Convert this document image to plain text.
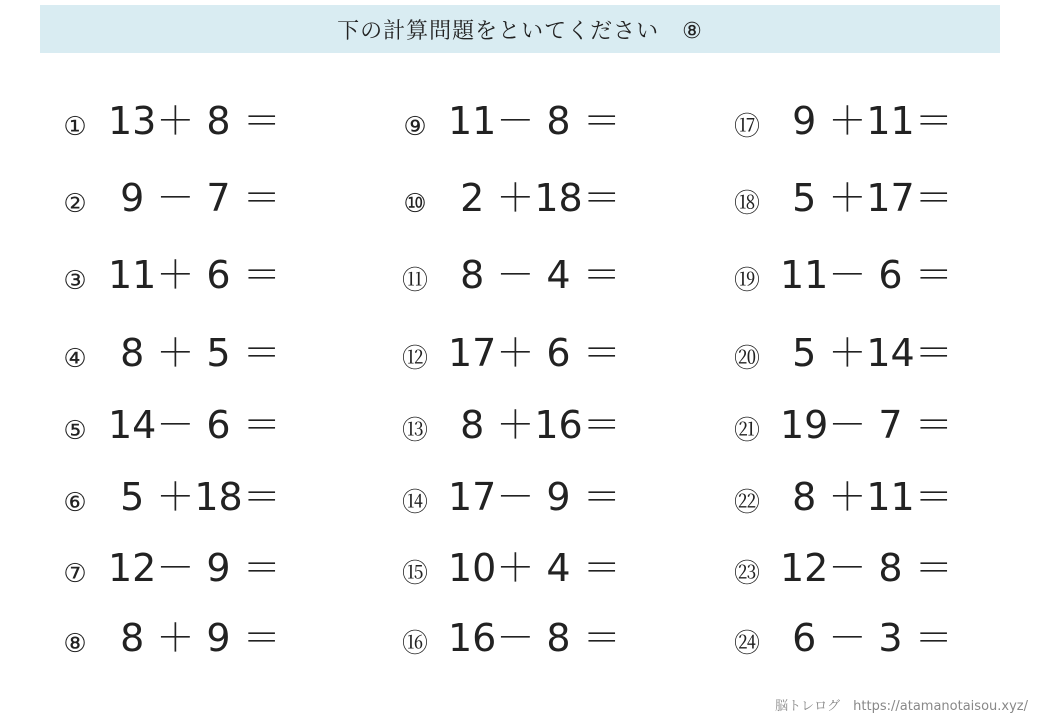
下の計算問題をといてください　⑧
① 13＋ 8 ＝
② 9 － 7 ＝
③ 11＋ 6 ＝
④ 8 ＋ 5 ＝
⑤ 14－ 6 ＝
⑥ 5 ＋18＝
⑦ 12－ 9 ＝
⑧ 8 ＋ 9 ＝
⑨ 11－ 8 ＝
⑩ 2 ＋18＝
⑪ 8 － 4 ＝
⑫ 17＋ 6 ＝
⑬ 8 ＋16＝
⑭ 17－ 9 ＝
⑮ 10＋ 4 ＝
⑯ 16－ 8 ＝
⑰ 9 ＋11＝
⑱ 5 ＋17＝
⑲ 11－ 6 ＝
⑳ 5 ＋14＝
㉑ 19－ 7 ＝
㉒ 8 ＋11＝
㉓ 12－ 8 ＝
㉔ 6 － 3 ＝
脳トレログ　https://atamanotaisou.xyz/
